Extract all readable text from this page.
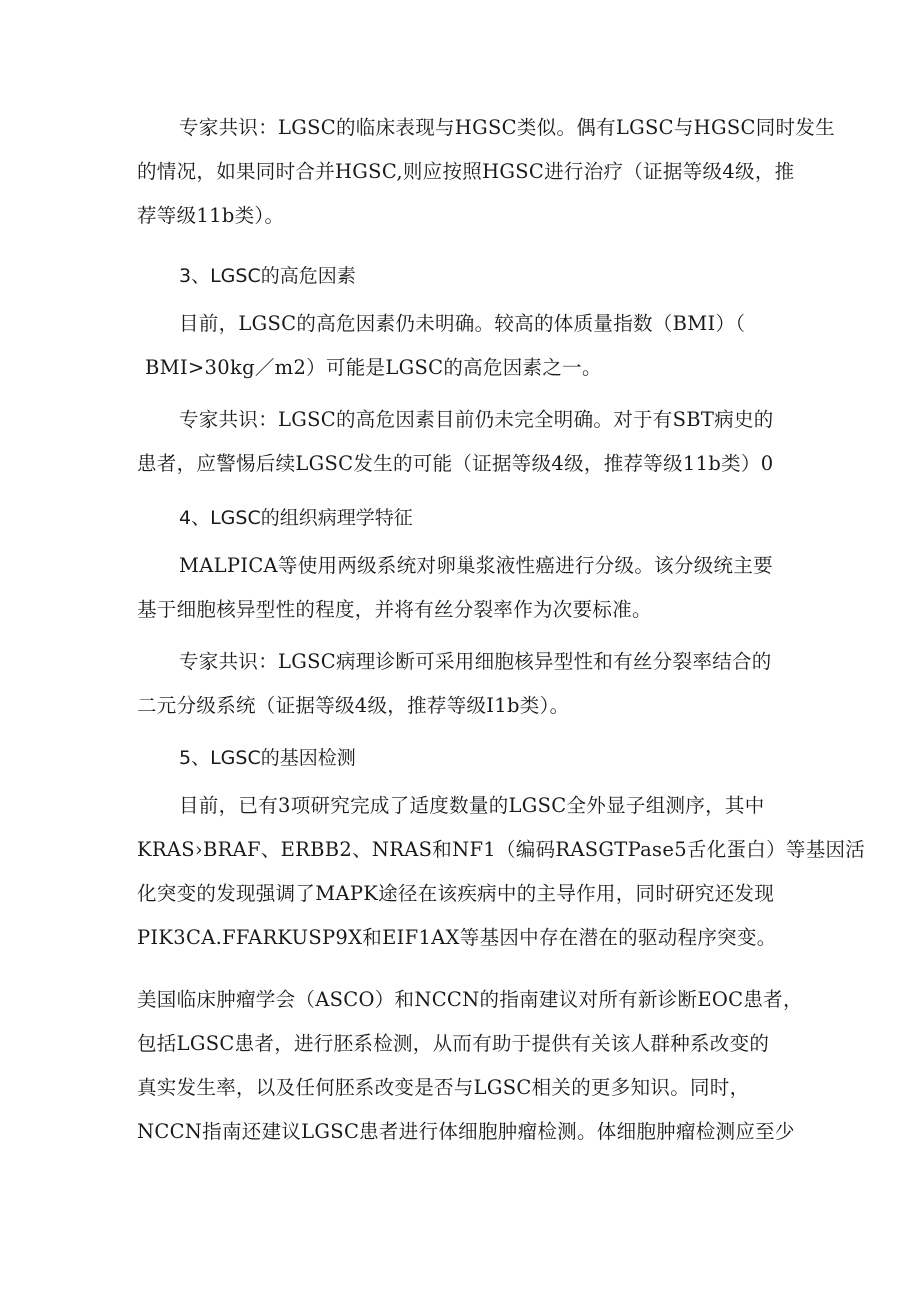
专家共识：LGSC的临床表现与HGSC类似。偶有LGSC与HGSC同时发生
的情况，如果同时合并HGSC,则应按照HGSC进行治疗（证据等级4级，推
荐等级11b类）。
3、LGSC的高危因素
目前，LGSC的高危因素仍未明确。较高的体质量指数（BMI）（
BMI>30kg／m2）可能是LGSC的高危因素之一。
专家共识：LGSC的高危因素目前仍未完全明确。对于有SBT病史的
患者，应警惕后续LGSC发生的可能（证据等级4级，推荐等级11b类）0
4、LGSC的组织病理学特征
MALPICA等使用两级系统对卵巢浆液性癌进行分级。该分级统主要
基于细胞核异型性的程度，并将有丝分裂率作为次要标准。
专家共识：LGSC病理诊断可采用细胞核异型性和有丝分裂率结合的
二元分级系统（证据等级4级，推荐等级I1b类）。
5、LGSC的基因检测
目前，已有3项研究完成了适度数量的LGSC全外显子组测序，其中
KRAS›BRAF、ERBB2、NRAS和NF1（编码RASGTPase5舌化蛋白）等基因活
化突变的发现强调了MAPK途径在该疾病中的主导作用，同时研究还发现
PIK3CA.FFARKUSP9X和EIF1AX等基因中存在潜在的驱动程序突变。
美国临床肿瘤学会（ASCO）和NCCN的指南建议对所有新诊断EOC患者，
包括LGSC患者，进行胚系检测，从而有助于提供有关该人群种系改变的
真实发生率，以及任何胚系改变是否与LGSC相关的更多知识。同时，
NCCN指南还建议LGSC患者进行体细胞肿瘤检测。体细胞肿瘤检测应至少
